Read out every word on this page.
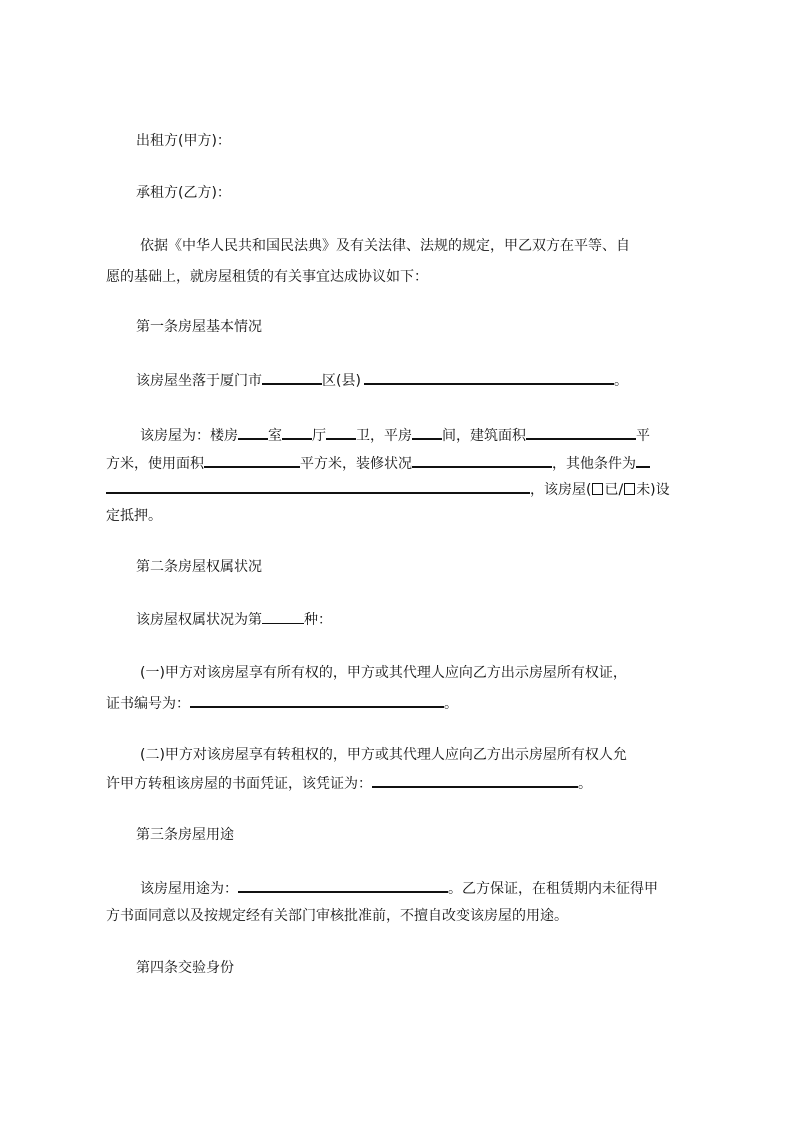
出租方(甲方)：
承租方(乙方)：
依据《中华人民共和国民法典》及有关法律、法规的规定，甲乙双方在平等、自
愿的基础上，就房屋租赁的有关事宜达成协议如下：
第一条房屋基本情况
该房屋坐落于厦门市	区(县)	。
该房屋为：楼房 室 厅 卫，平房 间，建筑面积	平
方米，使用面积	平方米，装修状况	，其他条件为
，该房屋( 已/ 未)设
定抵押。
第二条房屋权属状况
该房屋权属状况为第	种：
(一)甲方对该房屋享有所有权的，甲方或其代理人应向乙方出示房屋所有权证，
证书编号为：	。
(二)甲方对该房屋享有转租权的，甲方或其代理人应向乙方出示房屋所有权人允
许甲方转租该房屋的书面凭证，该凭证为：	。
第三条房屋用途
该房屋用途为：	。乙方保证，在租赁期内未征得甲
方书面同意以及按规定经有关部门审核批准前，不擅自改变该房屋的用途。
第四条交验身份
